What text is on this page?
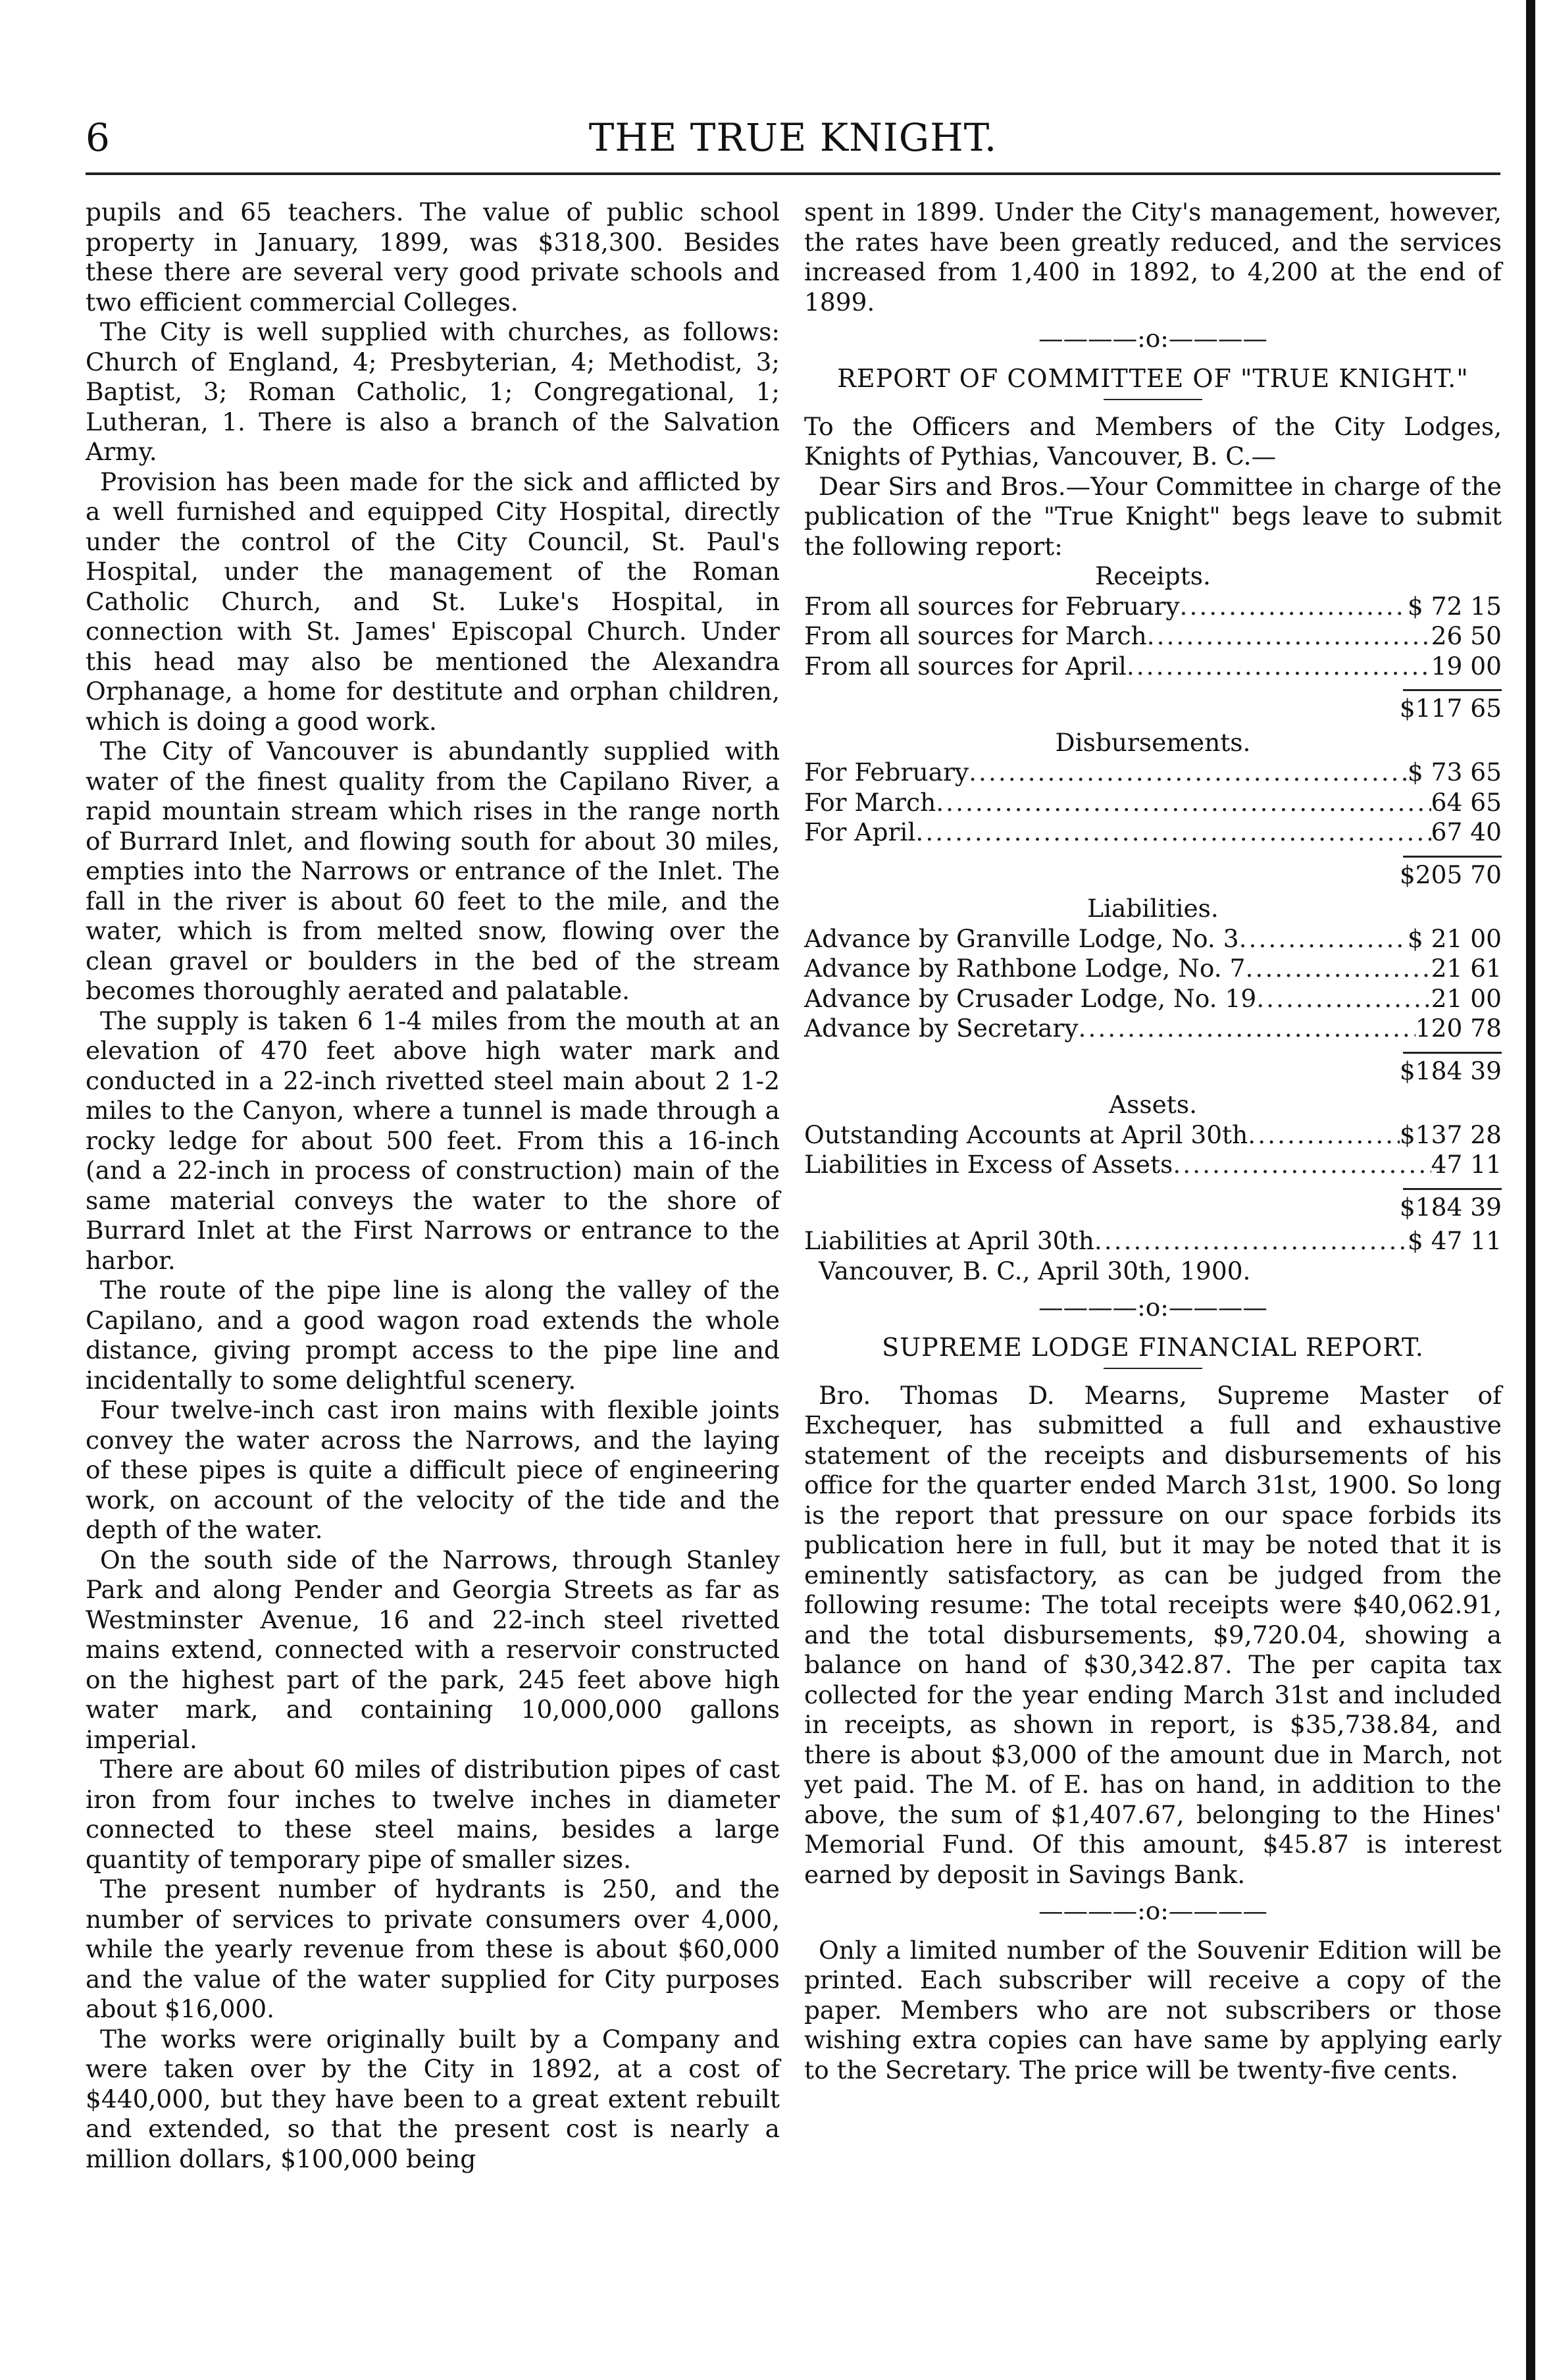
6	THE TRUE KNIGHT.

pupils and 65 teachers. The value of public school property in January, 1899, was $318,300. Besides these there are several very good private schools and two efficient commercial Colleges.

The City is well supplied with churches, as follows: Church of England, 4; Presbyterian, 4; Methodist, 3; Baptist, 3; Roman Catholic, 1; Congregational, 1; Lutheran, 1. There is also a branch of the Salvation Army.

Provision has been made for the sick and afflicted by a well furnished and equipped City Hospital, directly under the control of the City Council, St. Paul's Hospital, under the management of the Roman Catholic Church, and St. Luke's Hospital, in connection with St. James' Episcopal Church. Under this head may also be mentioned the Alexandra Orphanage, a home for destitute and orphan children, which is doing a good work.

The City of Vancouver is abundantly supplied with water of the finest quality from the Capilano River, a rapid mountain stream which rises in the range north of Burrard Inlet, and flowing south for about 30 miles, empties into the Narrows or entrance of the Inlet. The fall in the river is about 60 feet to the mile, and the water, which is from melted snow, flowing over the clean gravel or boulders in the bed of the stream becomes thoroughly aerated and palatable.

The supply is taken 6 1-4 miles from the mouth at an elevation of 470 feet above high water mark and conducted in a 22-inch rivetted steel main about 2 1-2 miles to the Canyon, where a tunnel is made through a rocky ledge for about 500 feet. From this a 16-inch (and a 22-inch in process of construction) main of the same material conveys the water to the shore of Burrard Inlet at the First Narrows or entrance to the harbor.

The route of the pipe line is along the valley of the Capilano, and a good wagon road extends the whole distance, giving prompt access to the pipe line and incidentally to some delightful scenery.

Four twelve-inch cast iron mains with flexible joints convey the water across the Narrows, and the laying of these pipes is quite a difficult piece of engineering work, on account of the velocity of the tide and the depth of the water.

On the south side of the Narrows, through Stanley Park and along Pender and Georgia Streets as far as Westminster Avenue, 16 and 22-inch steel rivetted mains extend, connected with a reservoir constructed on the highest part of the park, 245 feet above high water mark, and containing 10,000,000 gallons imperial.

There are about 60 miles of distribution pipes of cast iron from four inches to twelve inches in diameter connected to these steel mains, besides a large quantity of temporary pipe of smaller sizes.

The present number of hydrants is 250, and the number of services to private consumers over 4,000, while the yearly revenue from these is about $60,000 and the value of the water supplied for City purposes about $16,000.

The works were originally built by a Company and were taken over by the City in 1892, at a cost of $440,000, but they have been to a great extent rebuilt and extended, so that the present cost is nearly a million dollars, $100,000 being

spent in 1899. Under the City's management, however, the rates have been greatly reduced, and the services increased from 1,400 in 1892, to 4,200 at the end of 1899.

————:o:————
REPORT OF COMMITTEE OF "TRUE KNIGHT."

To the Officers and Members of the City Lodges, Knights of Pythias, Vancouver, B. C.—

Dear Sirs and Bros.—Your Committee in charge of the publication of the "True Knight" begs leave to submit the following report:

Receipts.
From all sources for February .....	$ 72 15
From all sources for March .....	26 50
From all sources for April .....	19 00
$117 65
Disbursements.
For February .....	$ 73 65
For March .....	64 65
For April .....	67 40
$205 70
Liabilities.
Advance by Granville Lodge, No. 3 .....	$ 21 00
Advance by Rathbone Lodge, No. 7 .....	21 61
Advance by Crusader Lodge, No. 19 .....	21 00
Advance by Secretary .....	120 78
$184 39
Assets.
Outstanding Accounts at April 30th .....	$137 28
Liabilities in Excess of Assets .....	47 11
$184 39
Liabilities at April 30th .....	$ 47 11
Vancouver, B. C., April 30th, 1900.
————:o:————
SUPREME LODGE FINANCIAL REPORT.

Bro. Thomas D. Mearns, Supreme Master of Exchequer, has submitted a full and exhaustive statement of the receipts and disbursements of his office for the quarter ended March 31st, 1900. So long is the report that pressure on our space forbids its publication here in full, but it may be noted that it is eminently satisfactory, as can be judged from the following resume: The total receipts were $40,062.91, and the total disbursements, $9,720.04, showing a balance on hand of $30,342.87. The per capita tax collected for the year ending March 31st and included in receipts, as shown in report, is $35,738.84, and there is about $3,000 of the amount due in March, not yet paid. The M. of E. has on hand, in addition to the above, the sum of $1,407.67, belonging to the Hines' Memorial Fund. Of this amount, $45.87 is interest earned by deposit in Savings Bank.

————:o:————

Only a limited number of the Souvenir Edition will be printed. Each subscriber will receive a copy of the paper. Members who are not subscribers or those wishing extra copies can have same by applying early to the Secretary. The price will be twenty-five cents.
